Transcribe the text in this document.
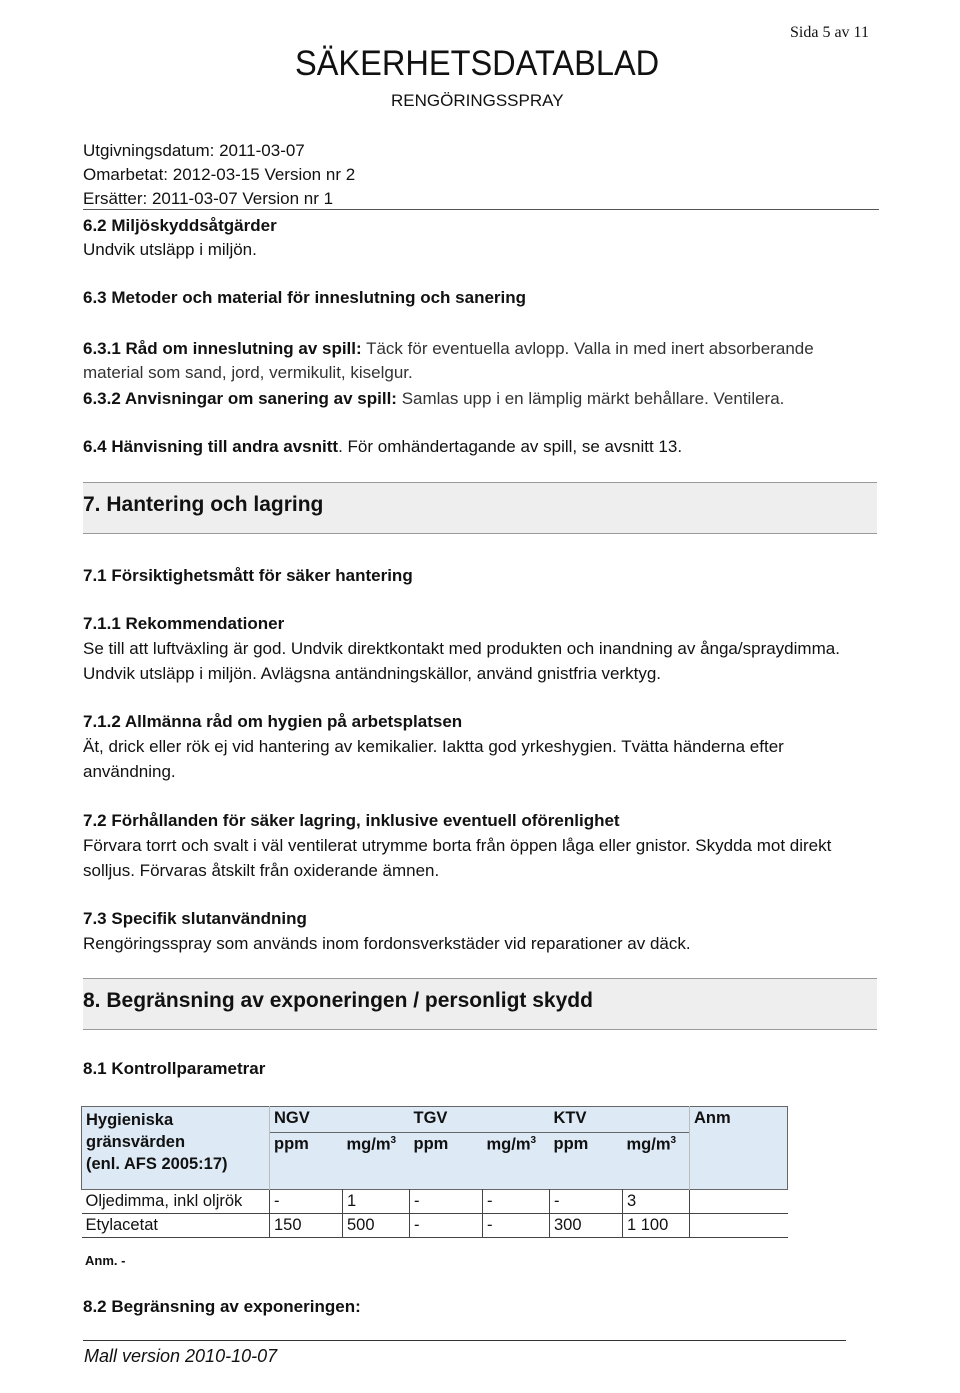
Sida 5 av 11
SÄKERHETSDATABLAD
RENGÖRINGSSPRAY
Utgivningsdatum: 2011-03-07
Omarbetat: 2012-03-15 Version nr 2
Ersätter: 2011-03-07 Version nr 1
6.2 Miljöskyddsåtgärder
Undvik utsläpp i miljön.
6.3 Metoder och material för inneslutning och sanering
6.3.1 Råd om inneslutning av spill: Täck för eventuella avlopp. Valla in med inert absorberande
material som sand, jord, vermikulit, kiselgur.
6.3.2 Anvisningar om sanering av spill: Samlas upp i en lämplig märkt behållare. Ventilera.
6.4 Hänvisning till andra avsnitt. För omhändertagande av spill, se avsnitt 13.
7. Hantering och lagring
7.1 Försiktighetsmått för säker hantering
7.1.1 Rekommendationer
Se till att luftväxling är god. Undvik direktkontakt med produkten och inandning av ånga/spraydimma.
Undvik utsläpp i miljön. Avlägsna antändningskällor, använd gnistfria verktyg.
7.1.2 Allmänna råd om hygien på arbetsplatsen
Ät, drick eller rök ej vid hantering av kemikalier. Iaktta god yrkeshygien. Tvätta händerna efter
användning.
7.2 Förhållanden för säker lagring, inklusive eventuell oförenlighet
Förvara torrt och svalt i väl ventilerat utrymme borta från öppen låga eller gnistor. Skydda mot direkt
solljus. Förvaras åtskilt från oxiderande ämnen.
7.3 Specifik slutanvändning
Rengöringsspray som används inom fordonsverkstäder vid reparationer av däck.
8. Begränsning av exponeringen / personligt skydd
8.1 Kontrollparametrar
Hygieniska
gränsvärden
(enl. AFS 2005:17)	NGV		TGV		KTV		Anm
	ppm	$mg/m^3$	ppm	$mg/m^3$	ppm	$mg/m^3$
Oljedimma, inkl oljrök	-	1	-	-	-	3	
Etylacetat	150	500	-	-	300	1 100	
Anm. -
8.2 Begränsning av exponeringen:
Mall version 2010-10-07
